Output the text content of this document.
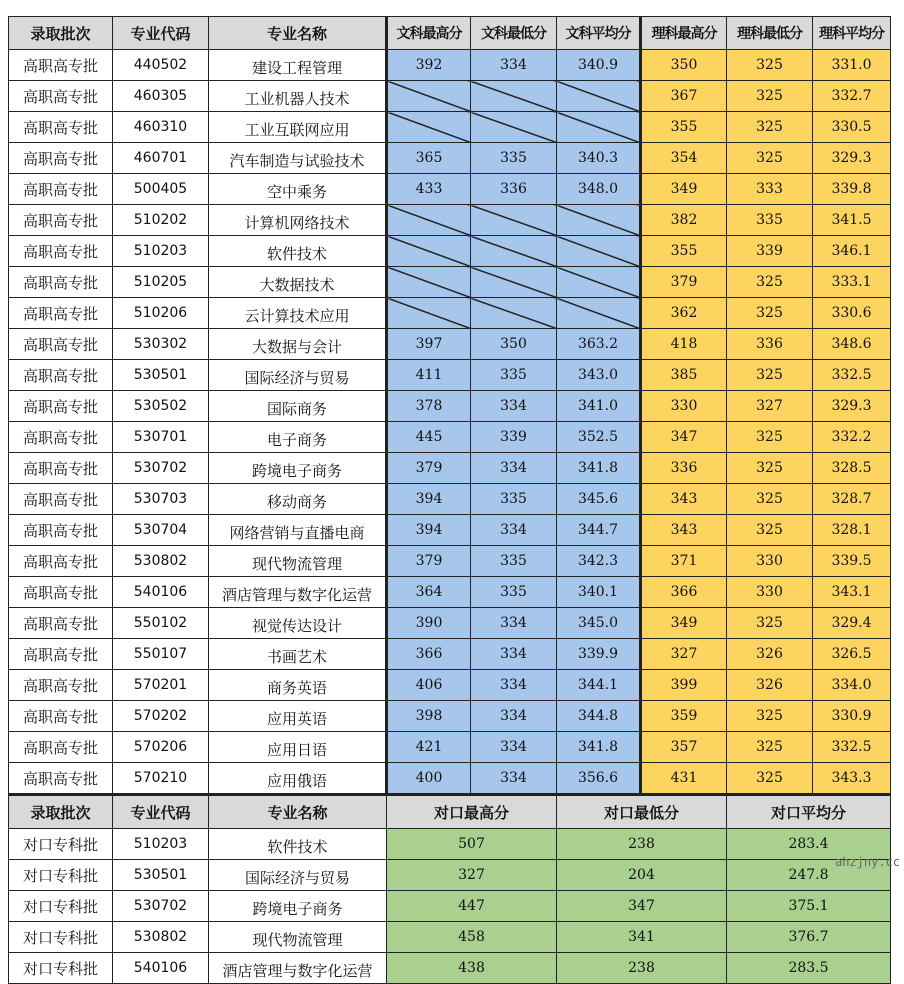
录取批次	专业代码	专业名称	文科最高分	文科最低分	文科平均分	理科最高分	理科最低分	理科平均分
高职高专批	440502	建设工程管理	392	334	340.9	350	325	331.0
高职高专批	460305	工业机器人技术				367	325	332.7
高职高专批	460310	工业互联网应用				355	325	330.5
高职高专批	460701	汽车制造与试验技术	365	335	340.3	354	325	329.3
高职高专批	500405	空中乘务	433	336	348.0	349	333	339.8
高职高专批	510202	计算机网络技术				382	335	341.5
高职高专批	510203	软件技术				355	339	346.1
高职高专批	510205	大数据技术				379	325	333.1
高职高专批	510206	云计算技术应用				362	325	330.6
高职高专批	530302	大数据与会计	397	350	363.2	418	336	348.6
高职高专批	530501	国际经济与贸易	411	335	343.0	385	325	332.5
高职高专批	530502	国际商务	378	334	341.0	330	327	329.3
高职高专批	530701	电子商务	445	339	352.5	347	325	332.2
高职高专批	530702	跨境电子商务	379	334	341.8	336	325	328.5
高职高专批	530703	移动商务	394	335	345.6	343	325	328.7
高职高专批	530704	网络营销与直播电商	394	334	344.7	343	325	328.1
高职高专批	530802	现代物流管理	379	335	342.3	371	330	339.5
高职高专批	540106	酒店管理与数字化运营	364	335	340.1	366	330	343.1
高职高专批	550102	视觉传达设计	390	334	345.0	349	325	329.4
高职高专批	550107	书画艺术	366	334	339.9	327	326	326.5
高职高专批	570201	商务英语	406	334	344.1	399	326	334.0
高职高专批	570202	应用英语	398	334	344.8	359	325	330.9
高职高专批	570206	应用日语	421	334	341.8	357	325	332.5
高职高专批	570210	应用俄语	400	334	356.6	431	325	343.3
录取批次	专业代码	专业名称	对口最高分		对口最低分		对口平均分	
对口专科批	510203	软件技术	507		238		283.4	
对口专科批	530501	国际经济与贸易	327		204		247.8	
对口专科批	530702	跨境电子商务	447		347		375.1	
对口专科批	530802	现代物流管理	458		341		376.7	
对口专科批	540106	酒店管理与数字化运营	438		238		283.5	
ahzjny.cc
